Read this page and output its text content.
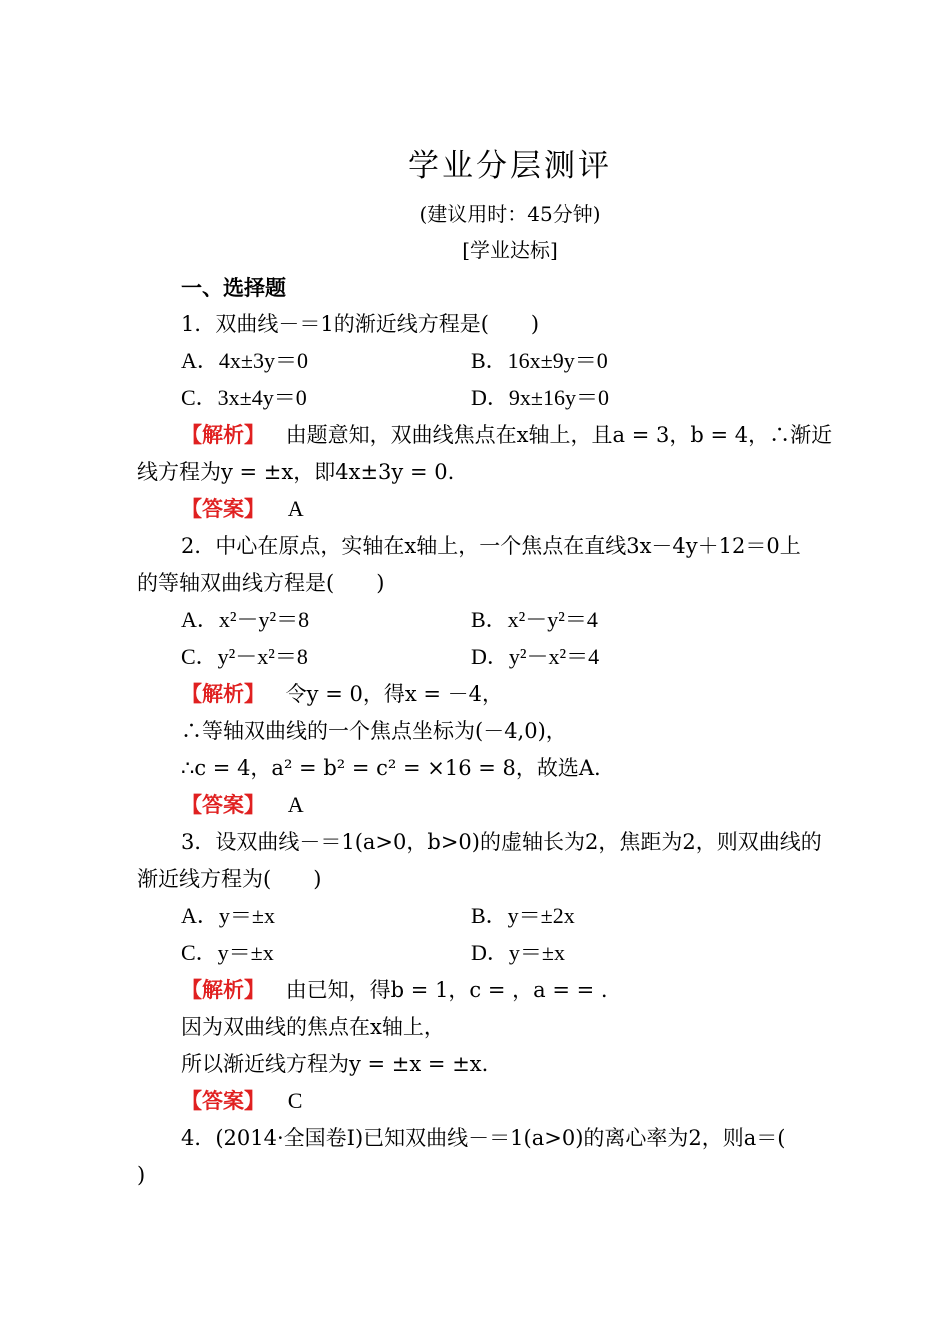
学业分层测评
(建议用时：45分钟)
[学业达标]
一、选择题
1．双曲线－＝1的渐近线方程是(　　)
A．4x±3y＝0	B．16x±9y＝0
C．3x±4y＝0	D．9x±16y＝0
【解析】 由题意知，双曲线焦点在x轴上，且a = 3，b = 4，∴渐近
线方程为y = ±x，即4x±3y = 0.
【答案】 A
2．中心在原点，实轴在x轴上，一个焦点在直线3x－4y＋12＝0上
的等轴双曲线方程是(　　)
A．x²－y²＝8	B．x²－y²＝4
C．y²－x²＝8	D．y²－x²＝4
【解析】 令y = 0，得x = －4，
∴等轴双曲线的一个焦点坐标为(－4,0)，
∴c = 4，a² = b² = c² = ×16 = 8，故选A.
【答案】 A
3．设双曲线－＝1(a>0，b>0)的虚轴长为2，焦距为2，则双曲线的
渐近线方程为(　　)
A．y＝±x	B．y＝±2x
C．y＝±x	D．y＝±x
【解析】 由已知，得b = 1，c = ，a = = .
因为双曲线的焦点在x轴上，
所以渐近线方程为y = ±x = ±x.
【答案】 C
4．(2014·全国卷Ⅰ)已知双曲线－＝1(a>0)的离心率为2，则a＝(
)
